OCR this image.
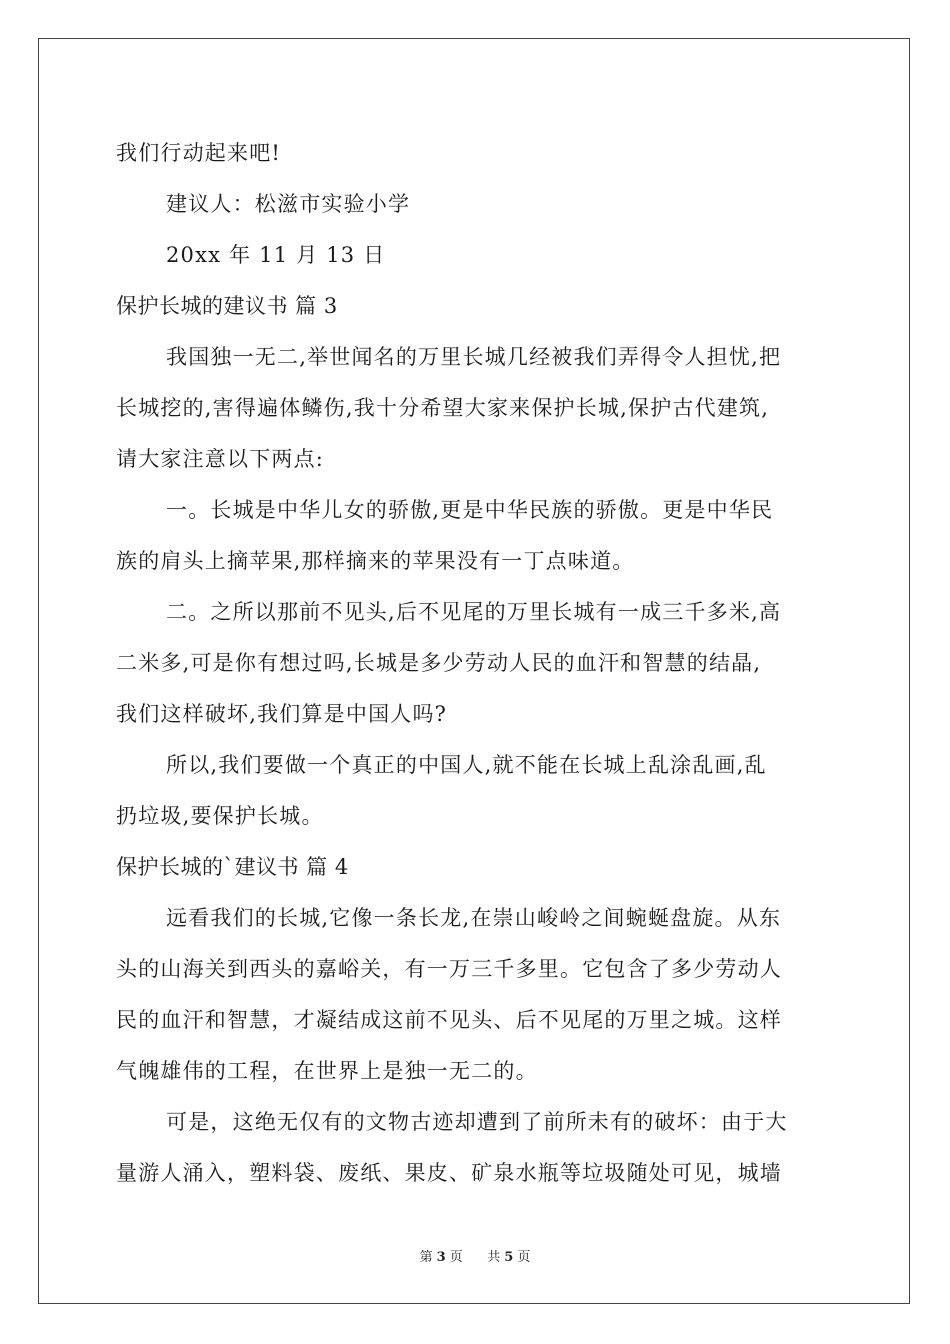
我们行动起来吧!

建议人：松滋市实验小学

20xx 年 11 月 13 日

保护长城的建议书 篇 3

我国独一无二,举世闻名的万里长城几经被我们弄得令人担忧,把

长城挖的,害得遍体鳞伤,我十分希望大家来保护长城,保护古代建筑,

请大家注意以下两点:

一。长城是中华儿女的骄傲,更是中华民族的骄傲。更是中华民

族的肩头上摘苹果,那样摘来的苹果没有一丁点味道。

二。之所以那前不见头,后不见尾的万里长城有一成三千多米,高

二米多,可是你有想过吗,长城是多少劳动人民的血汗和智慧的结晶,

我们这样破坏,我们算是中国人吗?

所以,我们要做一个真正的中国人,就不能在长城上乱涂乱画,乱

扔垃圾,要保护长城。

保护长城的`建议书 篇 4

远看我们的长城,它像一条长龙,在崇山峻岭之间蜿蜒盘旋。从东

头的山海关到西头的嘉峪关，有一万三千多里。它包含了多少劳动人

民的血汗和智慧，才凝结成这前不见头、后不见尾的万里之城。这样

气魄雄伟的工程，在世界上是独一无二的。

可是，这绝无仅有的文物古迹却遭到了前所未有的破坏：由于大

量游人涌入，塑料袋、废纸、果皮、矿泉水瓶等垃圾随处可见，城墙

第 3 页 共 5 页
